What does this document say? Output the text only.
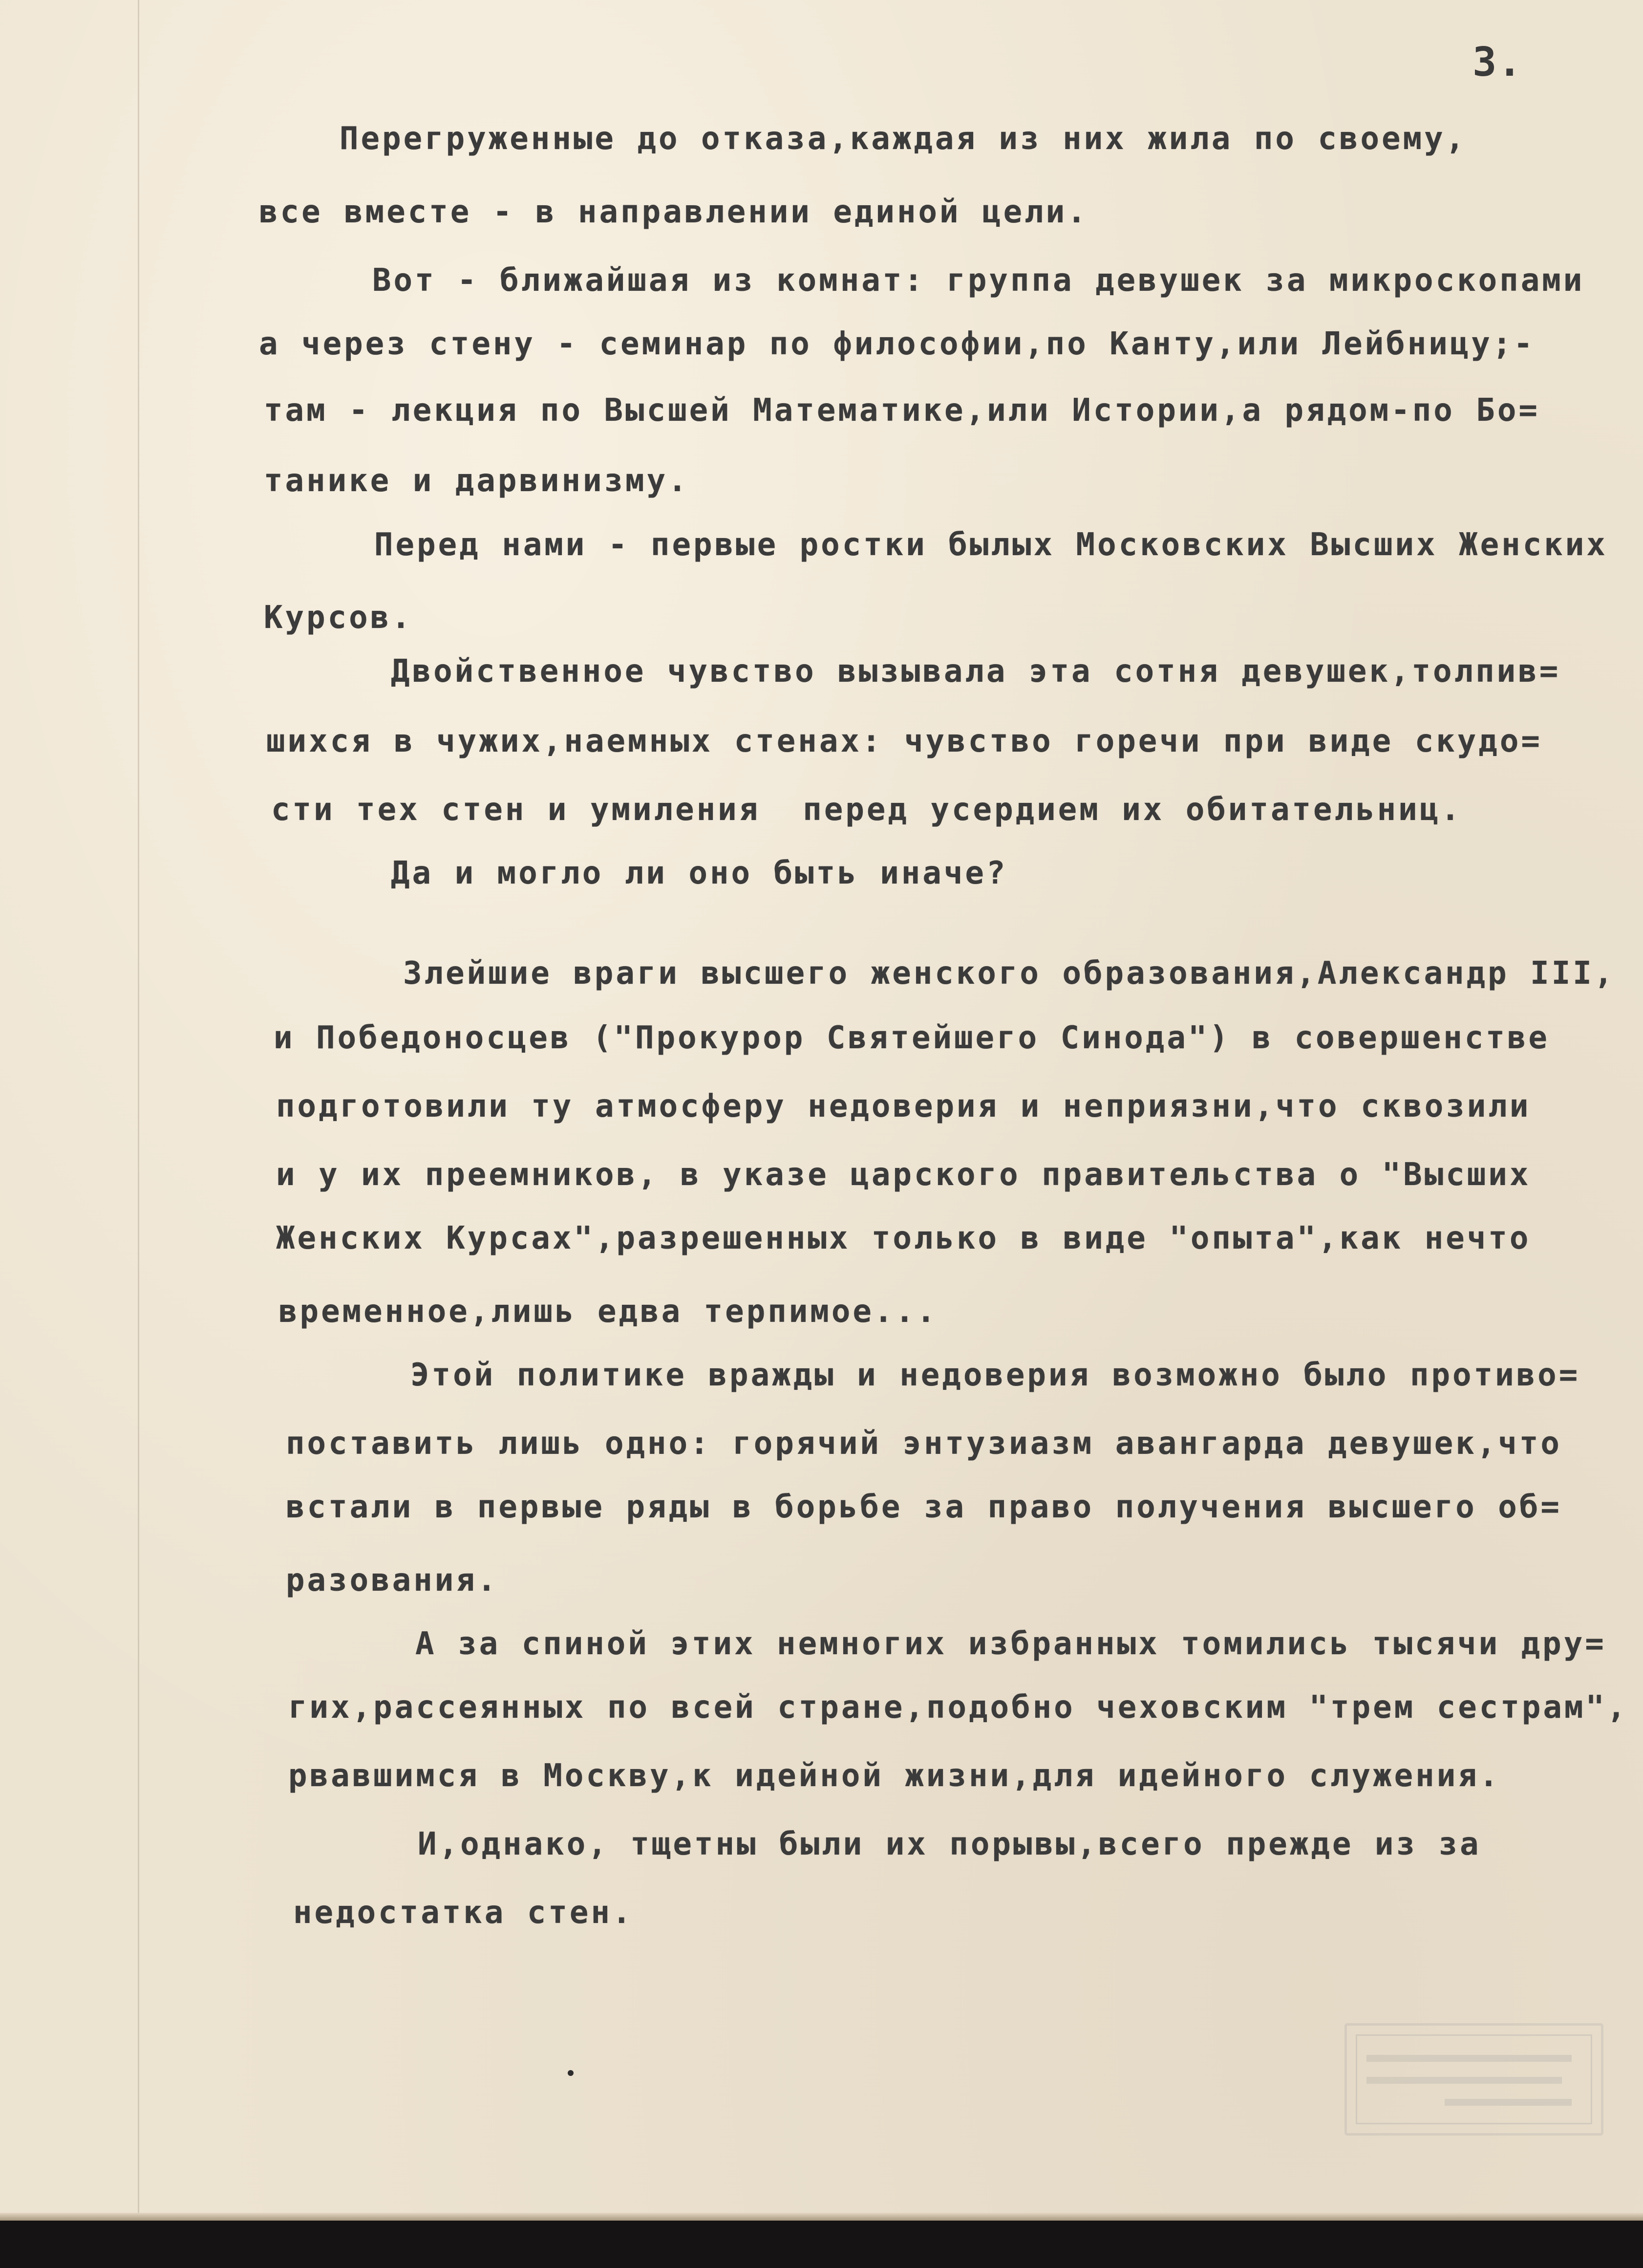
3.
Перегруженные до отказа,каждая из них жила по своему,
все вместе - в направлении единой цели.
Вот - ближайшая из комнат: группа девушек за микроскопами
а через стену - семинар по философии,по Канту,или Лейбницу;-
там - лекция по Высшей Математике,или Истории,а рядом-по Бо=
танике и дарвинизму.
Перед нами - первые ростки былых Московских Высших Женских
Курсов.
Двойственное чувство вызывала эта сотня девушек,толпив=
шихся в чужих,наемных стенах: чувство горечи при виде скудо=
сти тех стен и умиления  перед усердием их обитательниц.
Да и могло ли оно быть иначе?
Злейшие враги высшего женского образования,Александр III,
и Победоносцев ("Прокурор Святейшего Синода") в совершенстве
подготовили ту атмосферу недоверия и неприязни,что сквозили
и у их преемников, в указе царского правительства о "Высших
Женских Курсах",разрешенных только в виде "опыта",как нечто
временное,лишь едва терпимое...
Этой политике вражды и недоверия возможно было противо=
поставить лишь одно: горячий энтузиазм авангарда девушек,что
встали в первые ряды в борьбе за право получения высшего об=
разования.
А за спиной этих немногих избранных томились тысячи дру=
гих,рассеянных по всей стране,подобно чеховским "трем сестрам",
рвавшимся в Москву,к идейной жизни,для идейного служения.
И,однако, тщетны были их порывы,всего прежде из за
недостатка стен.
